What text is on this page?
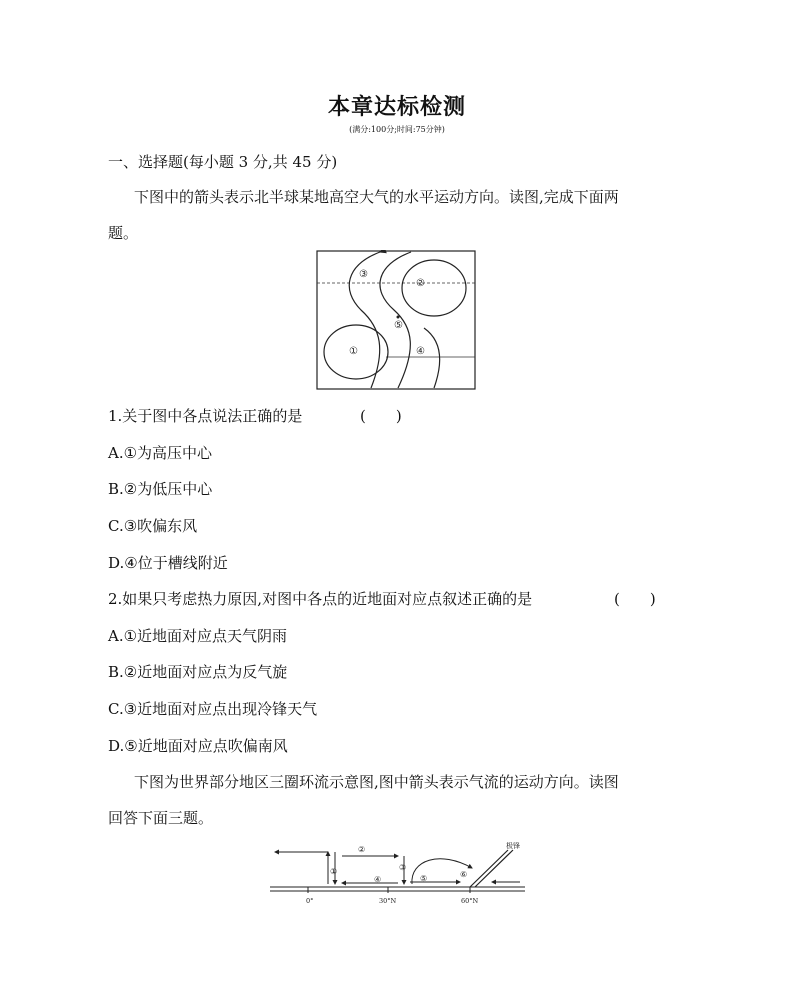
本章达标检测
(满分:100分;时间:75分钟)
一、选择题(每小题 3 分,共 45 分)
下图中的箭头表示北半球某地高空大气的水平运动方向。读图,完成下面两
题。
③
②
⑤
①	④
1.关于图中各点说法正确的是	(　　)
A.①为高压中心
B.②为低压中心
C.③吹偏东风
D.④位于槽线附近
2.如果只考虑热力原因,对图中各点的近地面对应点叙述正确的是	(　　)
A.①近地面对应点天气阴雨
B.②近地面对应点为反气旋
C.③近地面对应点出现冷锋天气
D.⑤近地面对应点吹偏南风
下图为世界部分地区三圈环流示意图,图中箭头表示气流的运动方向。读图
回答下面三题。
②
③
①
④	⑤	⑥
极锋
0°	30°N	60°N
